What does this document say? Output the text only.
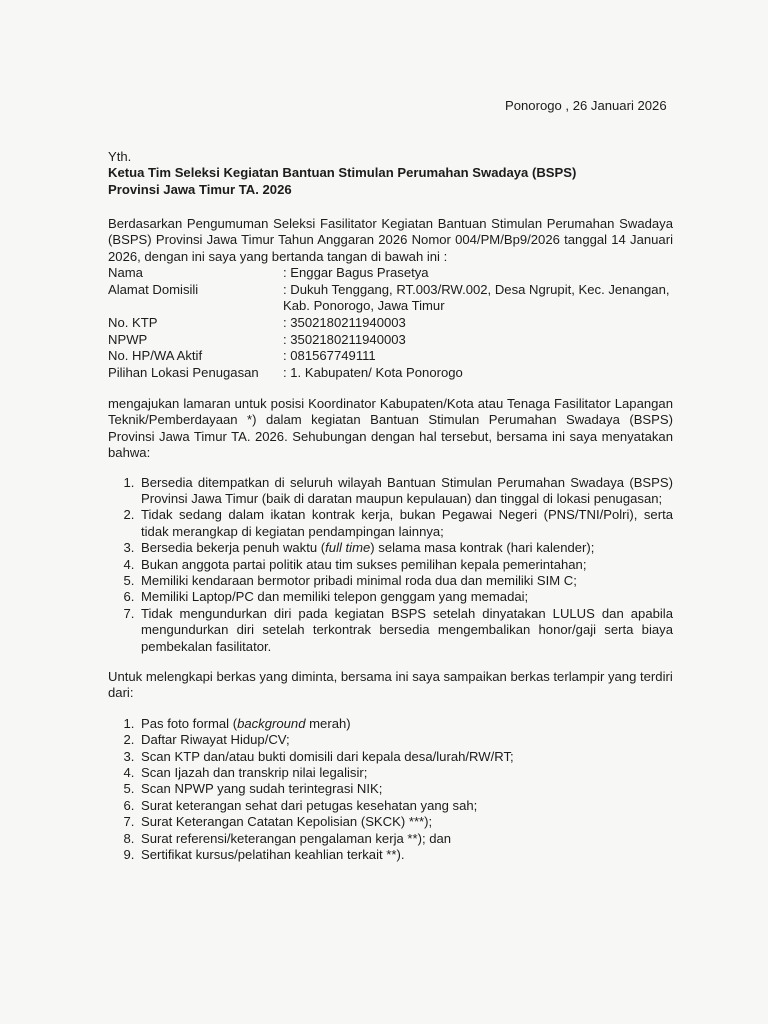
Ponorogo , 26 Januari 2026
Yth.
Ketua Tim Seleksi Kegiatan Bantuan Stimulan Perumahan Swadaya (BSPS)
Provinsi Jawa Timur TA. 2026

Berdasarkan Pengumuman Seleksi Fasilitator Kegiatan Bantuan Stimulan Perumahan Swadaya (BSPS) Provinsi Jawa Timur Tahun Anggaran 2026 Nomor 004/PM/Bp9/2026 tanggal 14 Januari 2026, dengan ini saya yang bertanda tangan di bawah ini :

Nama	: Enggar Bagus Prasetya
Alamat Domisili	: Dukuh Tenggang, RT.003/RW.002, Desa Ngrupit, Kec. Jenangan,
Kab. Ponorogo, Jawa Timur
No. KTP	: 3502180211940003
NPWP	: 3502180211940003
No. HP/WA Aktif	: 081567749111
Pilihan Lokasi Penugasan	: 1. Kabupaten/ Kota Ponorogo

mengajukan lamaran untuk posisi Koordinator Kabupaten/Kota atau Tenaga Fasilitator Lapangan Teknik/Pemberdayaan *) dalam kegiatan Bantuan Stimulan Perumahan Swadaya (BSPS) Provinsi Jawa Timur TA. 2026. Sehubungan dengan hal tersebut, bersama ini saya menyatakan bahwa:

1. Bersedia ditempatkan di seluruh wilayah Bantuan Stimulan Perumahan Swadaya (BSPS) Provinsi Jawa Timur (baik di daratan maupun kepulauan) dan tinggal di lokasi penugasan;
2. Tidak sedang dalam ikatan kontrak kerja, bukan Pegawai Negeri (PNS/TNI/Polri), serta tidak merangkap di kegiatan pendampingan lainnya;
3. Bersedia bekerja penuh waktu (full time) selama masa kontrak (hari kalender);
4. Bukan anggota partai politik atau tim sukses pemilihan kepala pemerintahan;
5. Memiliki kendaraan bermotor pribadi minimal roda dua dan memiliki SIM C;
6. Memiliki Laptop/PC dan memiliki telepon genggam yang memadai;
7. Tidak mengundurkan diri pada kegiatan BSPS setelah dinyatakan LULUS dan apabila mengundurkan diri setelah terkontrak bersedia mengembalikan honor/gaji serta biaya pembekalan fasilitator.

Untuk melengkapi berkas yang diminta, bersama ini saya sampaikan berkas terlampir yang terdiri dari:

1. Pas foto formal (background merah)
2. Daftar Riwayat Hidup/CV;
3. Scan KTP dan/atau bukti domisili dari kepala desa/lurah/RW/RT;
4. Scan Ijazah dan transkrip nilai legalisir;
5. Scan NPWP yang sudah terintegrasi NIK;
6. Surat keterangan sehat dari petugas kesehatan yang sah;
7. Surat Keterangan Catatan Kepolisian (SKCK) ***);
8. Surat referensi/keterangan pengalaman kerja **); dan
9. Sertifikat kursus/pelatihan keahlian terkait **).
